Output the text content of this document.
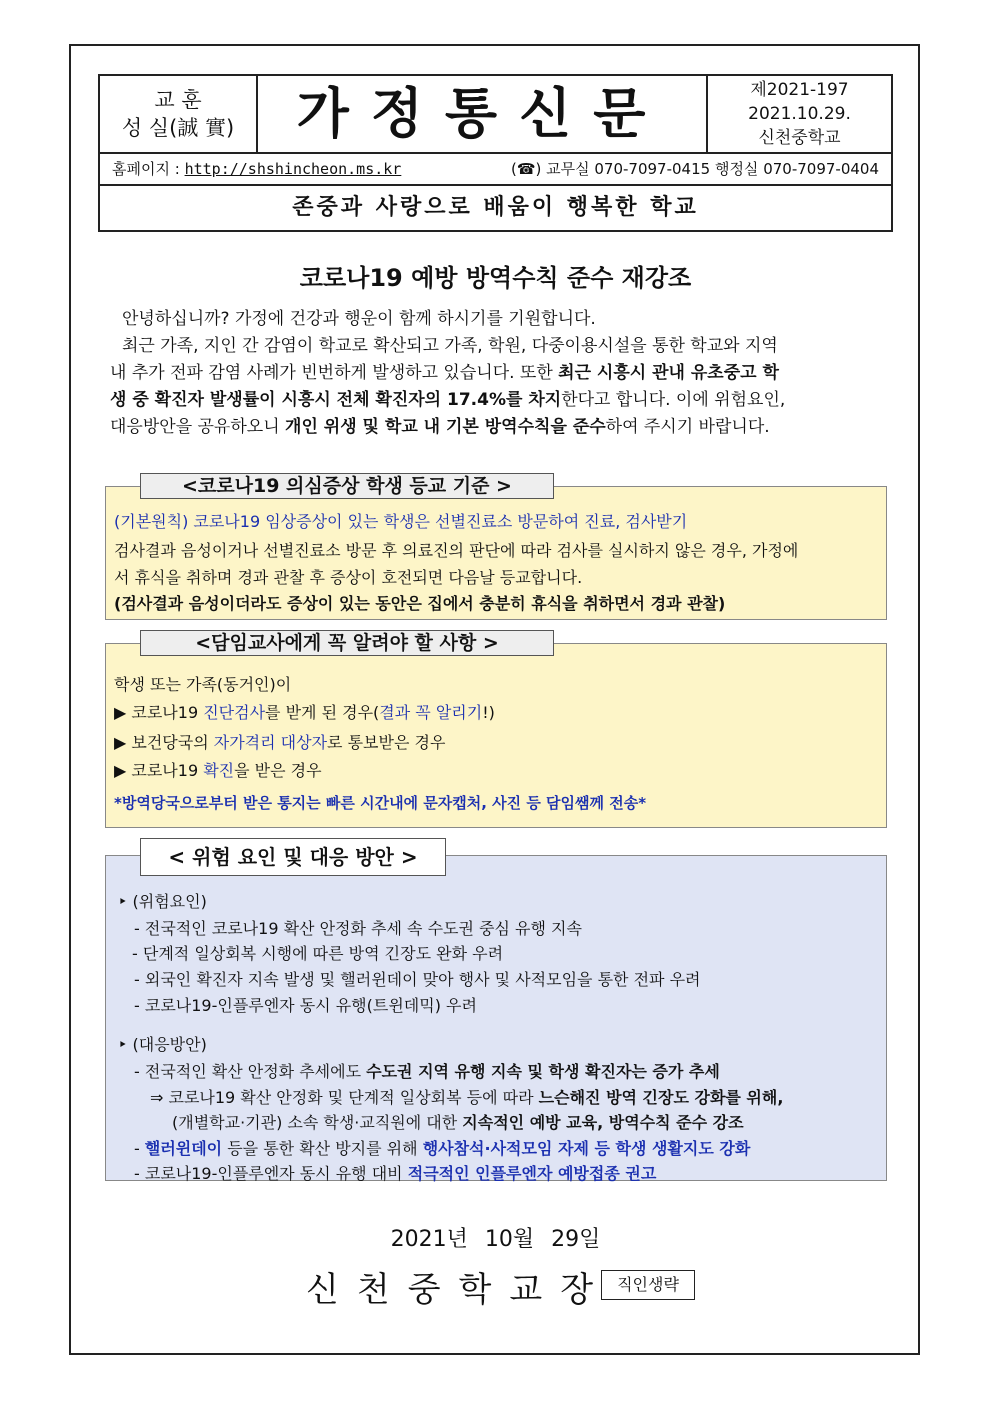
교 훈
성 실(誠 實)	가정통신문	제2021-197
2021.10.29.
신천중학교
홈페이지 : http://shshincheon.ms.kr	(☎) 교무실 070-7097-0415 행정실 070-7097-0404
존중과 사랑으로 배움이 행복한 학교
코로나19 예방 방역수칙 준수 재강조

안녕하십니까? 가정에 건강과 행운이 함께 하시기를 기원합니다.

최근 가족, 지인 간 감염이 학교로 확산되고 가족, 학원, 다중이용시설을 통한 학교와 지역

내 추가 전파 감염 사례가 빈번하게 발생하고 있습니다. 또한 최근 시흥시 관내 유초중고 학

생 중 확진자 발생률이 시흥시 전체 확진자의 17.4%를 차지한다고 합니다. 이에 위험요인,

대응방안을 공유하오니 개인 위생 및 학교 내 기본 방역수칙을 준수하여 주시기 바랍니다.

<코로나19 의심증상 학생 등교 기준 >
(기본원칙) 코로나19 임상증상이 있는 학생은 선별진료소 방문하여 진료, 검사받기
검사결과 음성이거나 선별진료소 방문 후 의료진의 판단에 따라 검사를 실시하지 않은 경우, 가정에
서 휴식을 취하며 경과 관찰 후 증상이 호전되면 다음날 등교합니다.
(검사결과 음성이더라도 증상이 있는 동안은 집에서 충분히 휴식을 취하면서 경과 관찰)
<담임교사에게 꼭 알려야 할 사항 >
학생 또는 가족(동거인)이
▶ 코로나19 진단검사를 받게 된 경우(결과 꼭 알리기!)
▶ 보건당국의 자가격리 대상자로 통보받은 경우
▶ 코로나19 확진을 받은 경우
*방역당국으로부터 받은 통지는 빠른 시간내에 문자캡처, 사진 등 담임쌤께 전송*
< 위험 요인 및 대응 방안 >
‣ (위험요인)
- 전국적인 코로나19 확산 안정화 추세 속 수도권 중심 유행 지속
- 단계적 일상회복 시행에 따른 방역 긴장도 완화 우려
- 외국인 확진자 지속 발생 및 핼러윈데이 맞아 행사 및 사적모임을 통한 전파 우려
- 코로나19-인플루엔자 동시 유행(트윈데믹) 우려
‣ (대응방안)
- 전국적인 확산 안정화 추세에도 수도권 지역 유행 지속 및 학생 확진자는 증가 추세
⇒ 코로나19 확산 안정화 및 단계적 일상회복 등에 따라 느슨해진 방역 긴장도 강화를 위해,
(개별학교·기관) 소속 학생·교직원에 대한 지속적인 예방 교육, 방역수칙 준수 강조
- 핼러윈데이 등을 통한 확산 방지를 위해 행사참석·사적모임 자제 등 학생 생활지도 강화
- 코로나19-인플루엔자 동시 유행 대비 적극적인 인플루엔자 예방접종 권고
2021년 10월 29일
신천중학교장 직인생략
